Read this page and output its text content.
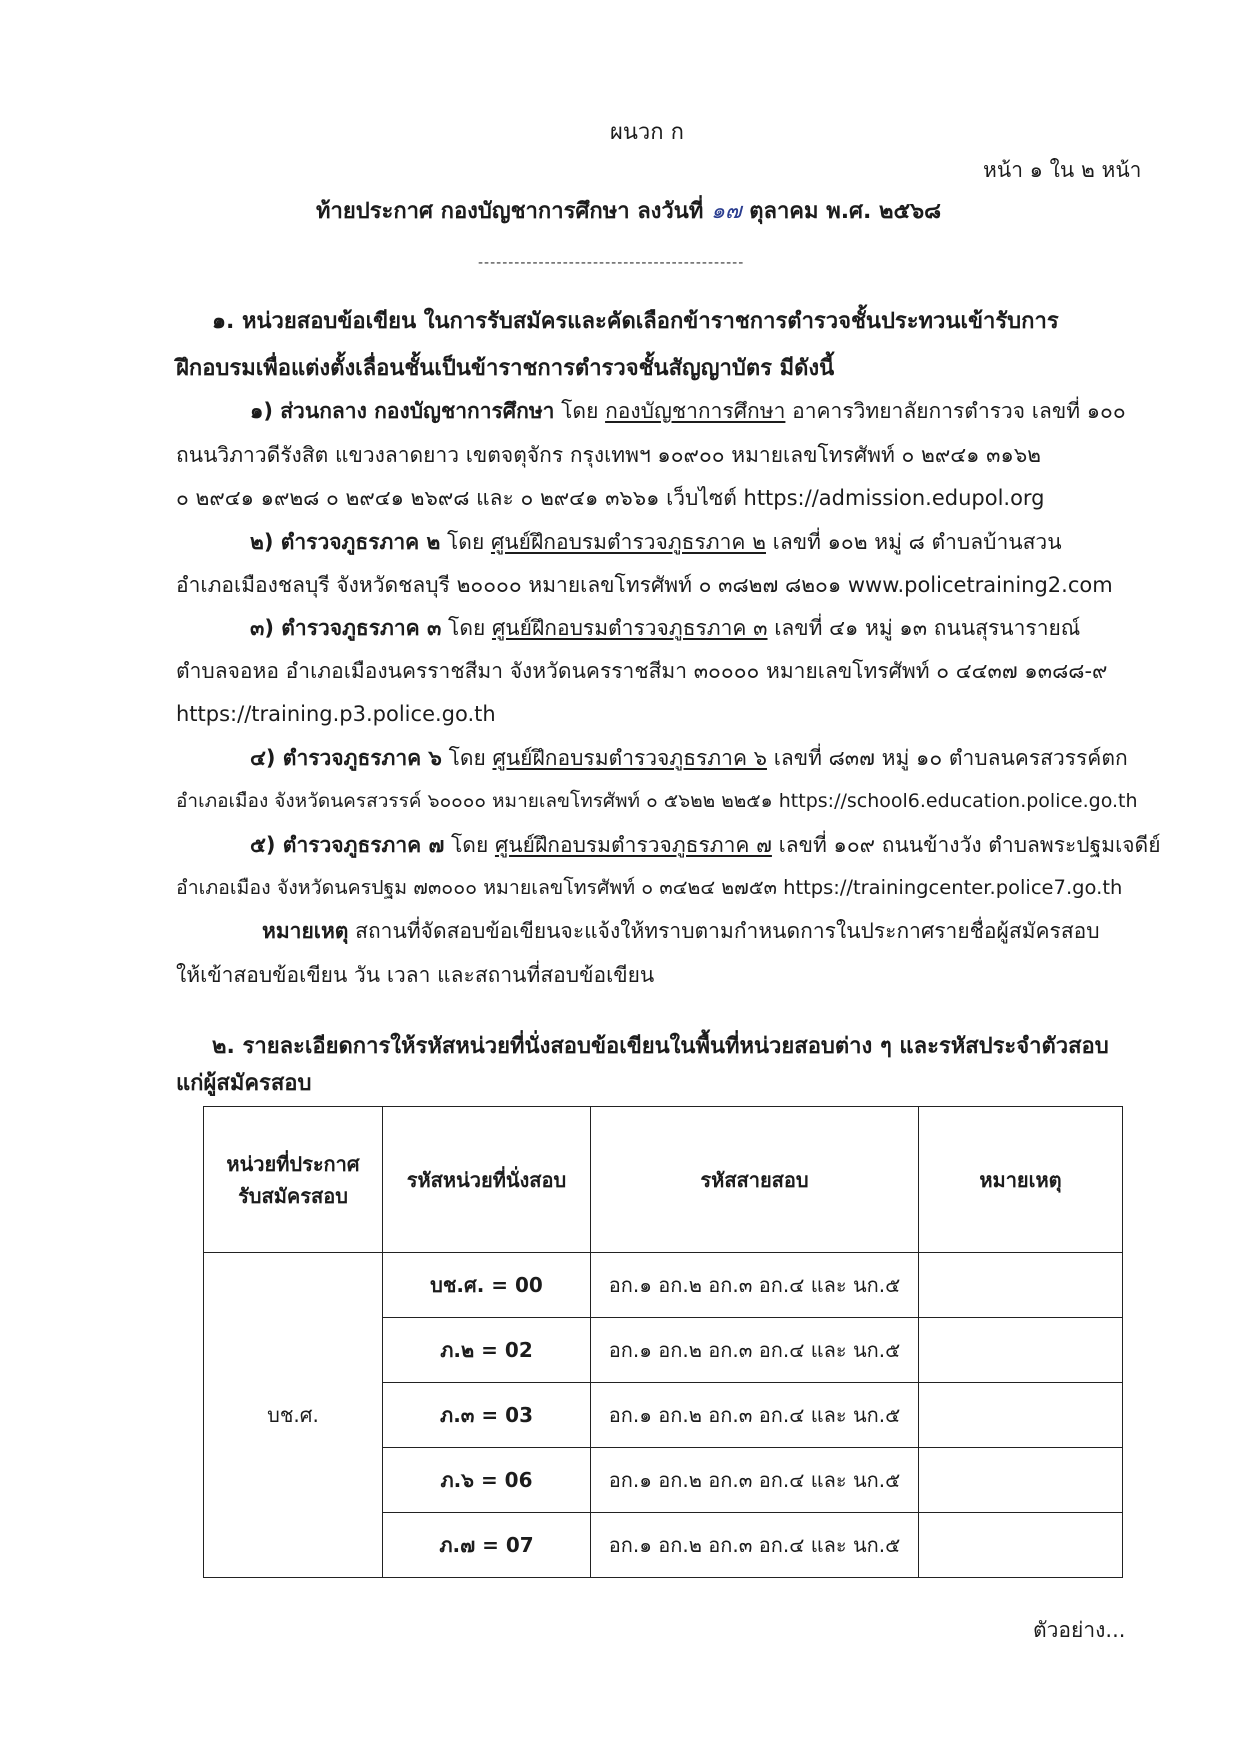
ผนวก ก
หน้า ๑ ใน ๒ หน้า
ท้ายประกาศ กองบัญชาการศึกษา ลงวันที่ ๑๗ ตุลาคม พ.ศ. ๒๕๖๘
--------------------------------------------
๑. หน่วยสอบข้อเขียน ในการรับสมัครและคัดเลือกข้าราชการตำรวจชั้นประทวนเข้ารับการ
ฝึกอบรมเพื่อแต่งตั้งเลื่อนชั้นเป็นข้าราชการตำรวจชั้นสัญญาบัตร มีดังนี้
๑) ส่วนกลาง กองบัญชาการศึกษา โดย กองบัญชาการศึกษา อาคารวิทยาลัยการตำรวจ เลขที่ ๑๐๐
ถนนวิภาวดีรังสิต แขวงลาดยาว เขตจตุจักร กรุงเทพฯ ๑๐๙๐๐ หมายเลขโทรศัพท์ ๐ ๒๙๔๑ ๓๑๖๒
๐ ๒๙๔๑ ๑๙๒๘ ๐ ๒๙๔๑ ๒๖๙๘ และ ๐ ๒๙๔๑ ๓๖๖๑ เว็บไซต์ https://admission.edupol.org
๒) ตำรวจภูธรภาค ๒ โดย ศูนย์ฝึกอบรมตำรวจภูธรภาค ๒ เลขที่ ๑๐๒ หมู่ ๘ ตำบลบ้านสวน
อำเภอเมืองชลบุรี จังหวัดชลบุรี ๒๐๐๐๐ หมายเลขโทรศัพท์ ๐ ๓๘๒๗ ๘๒๐๑ www.policetraining2.com
๓) ตำรวจภูธรภาค ๓ โดย ศูนย์ฝึกอบรมตำรวจภูธรภาค ๓ เลขที่ ๔๑ หมู่ ๑๓ ถนนสุรนารายณ์
ตำบลจอหอ อำเภอเมืองนครราชสีมา จังหวัดนครราชสีมา ๓๐๐๐๐ หมายเลขโทรศัพท์ ๐ ๔๔๓๗ ๑๓๘๘-๙
https://training.p3.police.go.th
๔) ตำรวจภูธรภาค ๖ โดย ศูนย์ฝึกอบรมตำรวจภูธรภาค ๖ เลขที่ ๘๓๗ หมู่ ๑๐ ตำบลนครสวรรค์ตก
อำเภอเมือง จังหวัดนครสวรรค์ ๖๐๐๐๐ หมายเลขโทรศัพท์ ๐ ๕๖๒๒ ๒๒๕๑ https://school6.education.police.go.th
๕) ตำรวจภูธรภาค ๗ โดย ศูนย์ฝึกอบรมตำรวจภูธรภาค ๗ เลขที่ ๑๐๙ ถนนข้างวัง ตำบลพระปฐมเจดีย์
อำเภอเมือง จังหวัดนครปฐม ๗๓๐๐๐ หมายเลขโทรศัพท์ ๐ ๓๔๒๔ ๒๗๕๓ https://trainingcenter.police7.go.th
หมายเหตุ สถานที่จัดสอบข้อเขียนจะแจ้งให้ทราบตามกำหนดการในประกาศรายชื่อผู้สมัครสอบ
ให้เข้าสอบข้อเขียน วัน เวลา และสถานที่สอบข้อเขียน
๒. รายละเอียดการให้รหัสหน่วยที่นั่งสอบข้อเขียนในพื้นที่หน่วยสอบต่าง ๆ และรหัสประจำตัวสอบ
แก่ผู้สมัครสอบ
หน่วยที่ประกาศ
รับสมัครสอบ	รหัสหน่วยที่นั่งสอบ	รหัสสายสอบ	หมายเหตุ
บช.ศ.	บช.ศ. = 00	อก.๑ อก.๒ อก.๓ อก.๔ และ นก.๕	
	ภ.๒ = 02	อก.๑ อก.๒ อก.๓ อก.๔ และ นก.๕	
	ภ.๓ = 03	อก.๑ อก.๒ อก.๓ อก.๔ และ นก.๕	
	ภ.๖ = 06	อก.๑ อก.๒ อก.๓ อก.๔ และ นก.๕	
	ภ.๗ = 07	อก.๑ อก.๒ อก.๓ อก.๔ และ นก.๕	
ตัวอย่าง...
